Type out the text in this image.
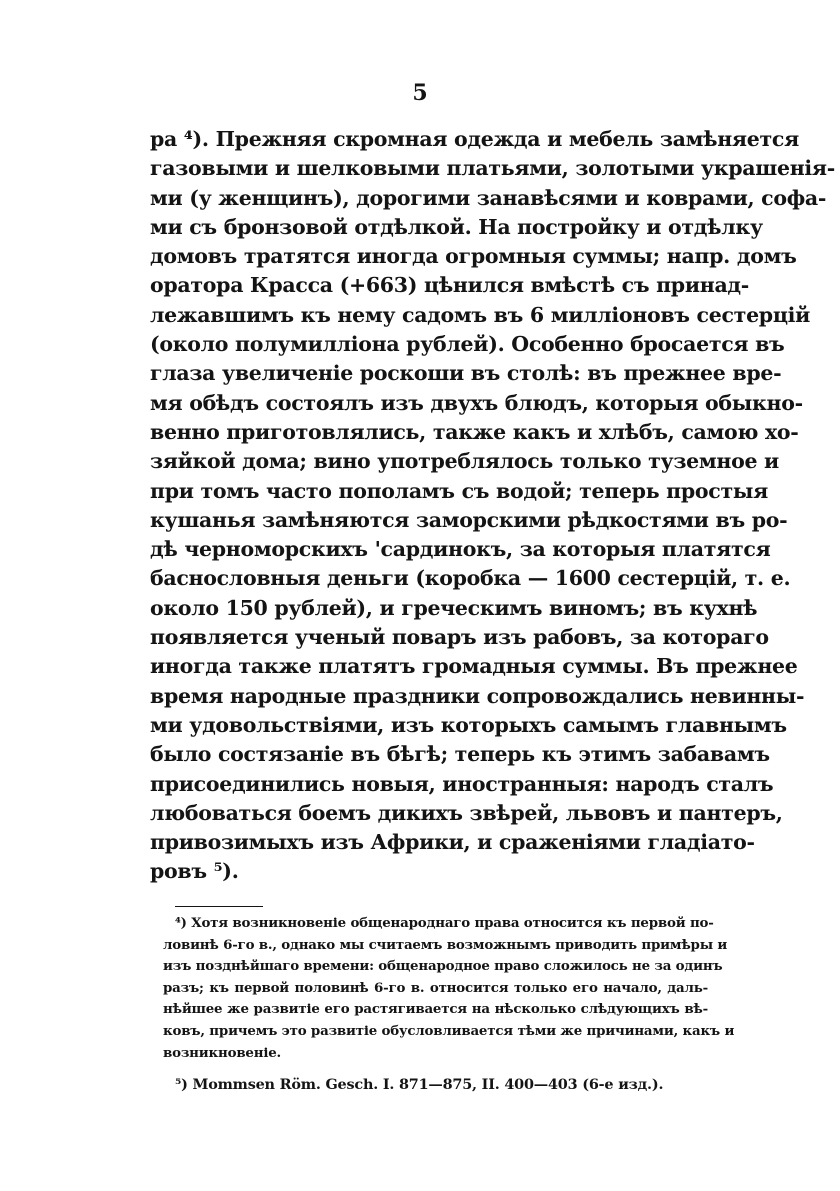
5
ра ⁴). Прежняя скромная одежда и мебель замѣняется
газовыми и шелковыми платьями, золотыми украшенія-
ми (у женщинъ), дорогими занавѣсями и коврами, софа-
ми съ бронзовой отдѣлкой. На постройку и отдѣлку
домовъ тратятся иногда огромныя суммы; напр. домъ
оратора Красса (+663) цѣнился вмѣстѣ съ принад-
лежавшимъ къ нему садомъ въ 6 милліоновъ сестерцій
(около полумилліона рублей). Особенно бросается въ
глаза увеличеніе роскоши въ столѣ: въ прежнее вре-
мя обѣдъ состоялъ изъ двухъ блюдъ, которыя обыкно-
венно приготовлялись, также какъ и хлѣбъ, самою хо-
зяйкой дома; вино употреблялось только туземное и
при томъ часто пополамъ съ водой; теперь простыя
кушанья замѣняются заморскими рѣдкостями въ ро-
дѣ черноморскихъ 'сардинокъ, за которыя платятся
баснословныя деньги (коробка — 1600 сестерцій, т. е.
около 150 рублей), и греческимъ виномъ; въ кухнѣ
появляется ученый поваръ изъ рабовъ, за котораго
иногда также платятъ громадныя суммы. Въ прежнее
время народные праздники сопровождались невинны-
ми удовольствіями, изъ которыхъ самымъ главнымъ
было состязаніе въ бѣгѣ; теперь къ этимъ забавамъ
присоединились новыя, иностранныя: народъ сталъ
любоваться боемъ дикихъ звѣрей, львовъ и пантеръ,
привозимыхъ изъ Африки, и сраженіями гладіато-
ровъ ⁵).
⁴) Хотя возникновеніе общенароднаго права относится къ первой по-
ловинѣ 6-го в., однако мы считаемъ возможнымъ приводить примѣры и
изъ позднѣйшаго времени: общенародное право сложилось не за одинъ
разъ; къ первой половинѣ 6-го в. относится только его начало, даль-
нѣйшее же развитіе его растягивается на нѣсколько слѣдующихъ вѣ-
ковъ, причемъ это развитіе обусловливается тѣми же причинами, какъ и
возникновеніе.
⁵) Mommsen Röm. Gesch. I. 871—875, II. 400—403 (6-е изд.).
